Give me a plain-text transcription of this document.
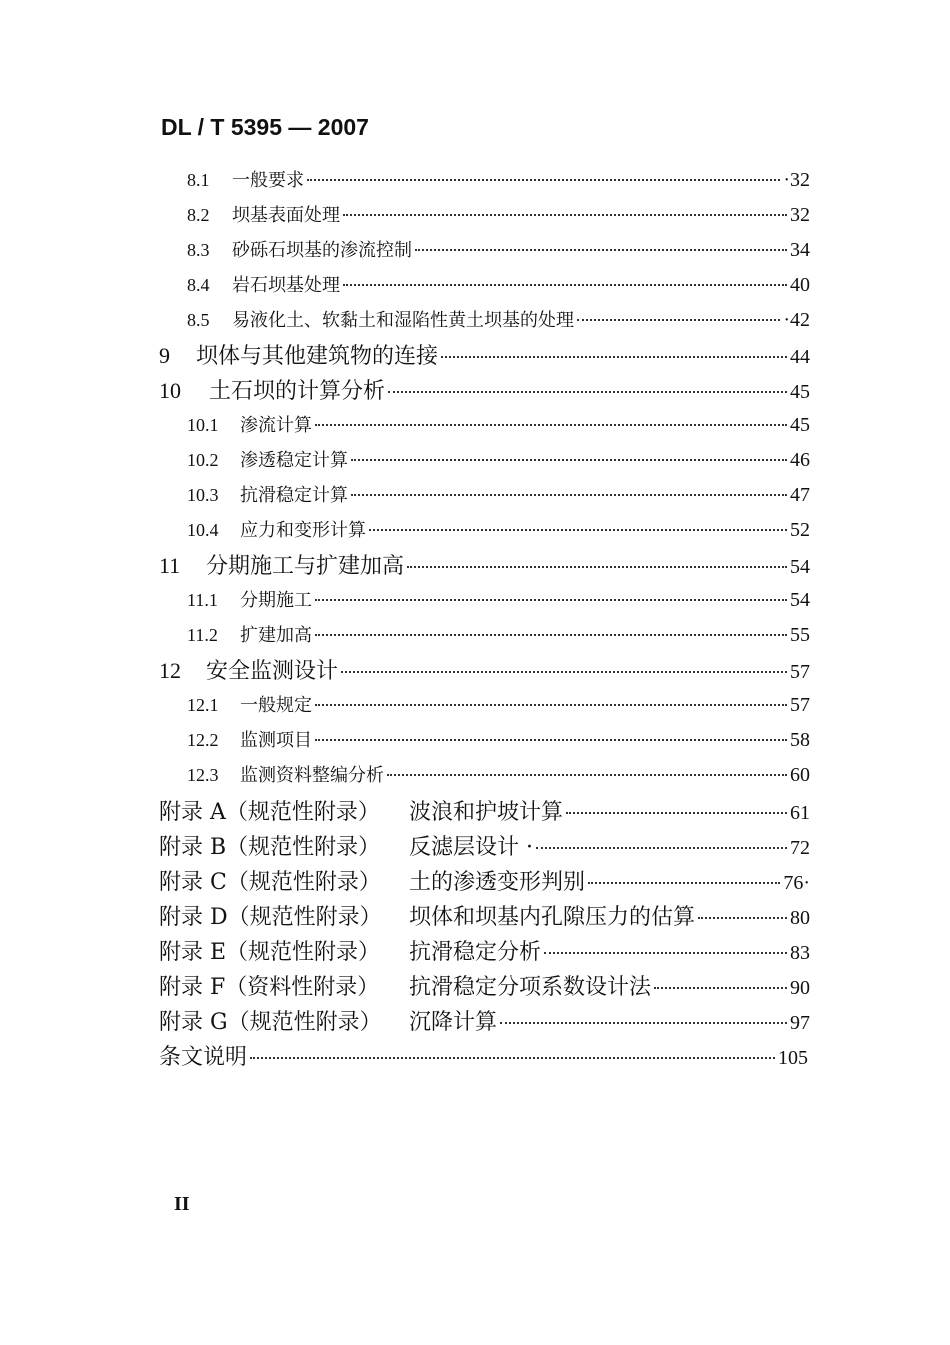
DL / T 5395 — 2007
8.1	一般要求	·32
8.2	坝基表面处理	32
8.3	砂砾石坝基的渗流控制	34
8.4	岩石坝基处理	40
8.5	易液化土、软黏土和湿陷性黄土坝基的处理	·42
9	坝体与其他建筑物的连接	44
10	土石坝的计算分析	45
10.1	渗流计算	45
10.2	渗透稳定计算	46
10.3	抗滑稳定计算	47
10.4	应力和变形计算	52
11	分期施工与扩建加高	54
11.1	分期施工	54
11.2	扩建加高	55
12	安全监测设计	57
12.1	一般规定	57
12.2	监测项目	58
12.3	监测资料整编分析	60
附录 A（规范性附录）	波浪和护坡计算	61
附录 B（规范性附录）	反滤层设计 ·	72
附录 C（规范性附录）	土的渗透变形判别	76·
附录 D（规范性附录）	坝体和坝基内孔隙压力的估算	80
附录 E（规范性附录）	抗滑稳定分析	83
附录 F（资料性附录）	抗滑稳定分项系数设计法	90
附录 G（规范性附录）	沉降计算	97
条文说明	105
II
